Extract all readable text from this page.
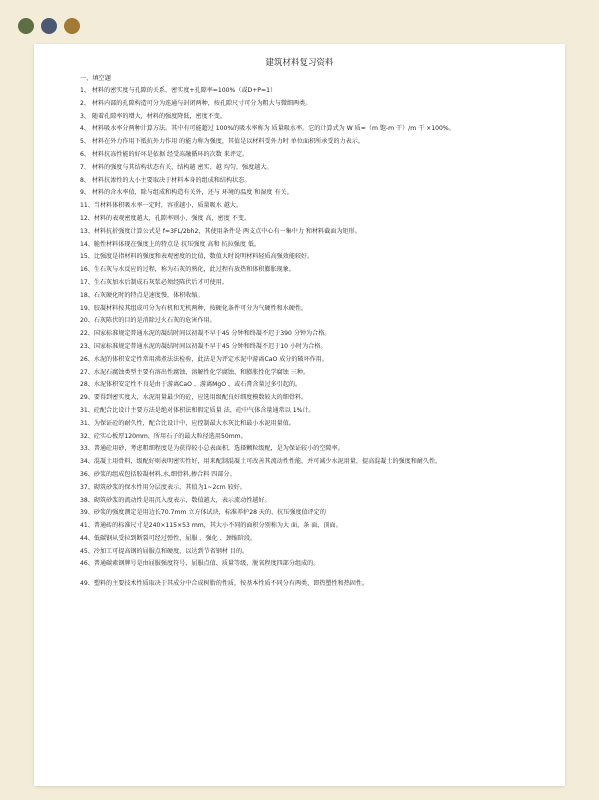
建筑材料复习资料
一、填空题
1、 材料的密实度与孔隙的关系，密实度+孔隙率=100%（或D+P=1）
2、 材料内部的孔隙构造可分为连通与封闭两种，按孔隙尺寸可分为粗大与微细两类。
3、 随着孔隙率的增大，材料的强度降低，密度不变。
4、 材料吸水率分两种计算方法。其中有可能超过 100%的吸水率称为 质量吸水率。它的计算式为 W 质=（m 饱-m 干）/m 干 ×100%。
5、 材料在外力作用下抵抗外力作用 的能力称为强度，其值是以材料受外力时 单位面积所承受的力表示。
6、 材料抗冻性能的好坏是依据 经受冻融循环的次数 来评定。
7、 材料的强度与其结构状态有关，结构越 密实、越 均匀，强度越大。
8、 材料抗渗性的大小主要取决于材料本身的组成和结构状态。
9、 材料的含水率值，除与组成和构造有关外，还与 环境的温度 和湿度 有关。
11、当材料体积吸水率一定时，容重越小，质量吸水 越大。
12、材料的表观密度越大，孔隙率则小，强度 高，密度 不变。
13、材料抗折强度计算公式是 f=3FL/2bh2，其使用条件是 两支点中心有一集中力 和材料截面为矩形。
14、脆性材料体现在强度上的特点是 抗压强度 高和 抗拉强度 低。
15、比强度是指材料的强度和表观密度的比值，数值大时说明材料轻质高强效能较好。
16、生石灰与水反应的过程，称为石灰的熟化，此过程有放热和体积膨胀现象。
17、生石灰加水后制成石灰浆必须经陈伏后才可使用。
18、石灰硬化时的特点是速度慢，体积收缩。
19、胶凝材料按其组成可分为有机和无机两种，按硬化条件可分为气硬性和水硬性。
20、石灰陈伏的目的是消除过火石灰的危害作用。
22、国家标准规定普通水泥的凝结时间以初凝不早于45 分钟和终凝不迟于390 分钟为合格。
23、国家标准规定普通水泥的凝结时间以初凝不早于45 分钟和终凝不迟于10 小时为合格。
26、水泥的体积安定性常用沸煮法法检验，此法是为评定水泥中游离CaO 成分的破坏作用。
27、水泥石腐蚀类型主要有溶出性腐蚀、溶解性化学腐蚀、和膨胀性化学腐蚀 三种。
28、水泥体积安定性不良是由于游离CaO 、游离MgO 、或石膏含量过多引起的。
29、要得到密实度大，水泥用量最少的砼，应选用级配良好细度模数较大的细骨料。
31、砼配合比设计主要方法是绝对体积法和假定质量 法，砼中气体含量通常以 1%计。
31、为保证砼的耐久性，配合比设计中，应控制最大水灰比和最小水泥用量值。
32、砼实心板厚120mm，所用石子的最大粒径选用50mm。
33、普通砼用砂，考虑粗细程度是为获得较小总表面积，选择颗粒级配，是为保证较小的空隙率。
34、混凝土用骨料，级配好则表明密实性好，用来配制混凝土可改善其流动性性能，并可减少水泥用量，提高混凝土的强度和耐久性。
36、砂浆的组成包括胶凝材料,水,细骨料,掺合料 四部分。
37、砌筑砂浆的保水性用分层度表示，其值为1~2cm 较好。
38、砌筑砂浆的流动性是用沉入度表示，数值越大，表示流动性越好。
39、砂浆的强度测定是用边长70.7mm 立方体试块，标准养护28 天的，抗压强度值评定的
41、普通砖的标准尺寸是240×115×53 mm，其大小不同的面积分别称为大 面、条 面、顶面。
44、低碳钢从受拉到断裂可经过弹性、屈服 、强化 、颈缩阶段。
45、冷加工可提高钢的屈服点和硬度，以达到节省钢材 目的。
46、普通碳素钢牌号是由屈服强度符号、屈服点值、质量等级、脱氧程度四部分组成的。
49、塑料的主要技术性质取决于其成分中合成树脂的性质，按基本性质不同分有两类，即热塑性和热固性。
